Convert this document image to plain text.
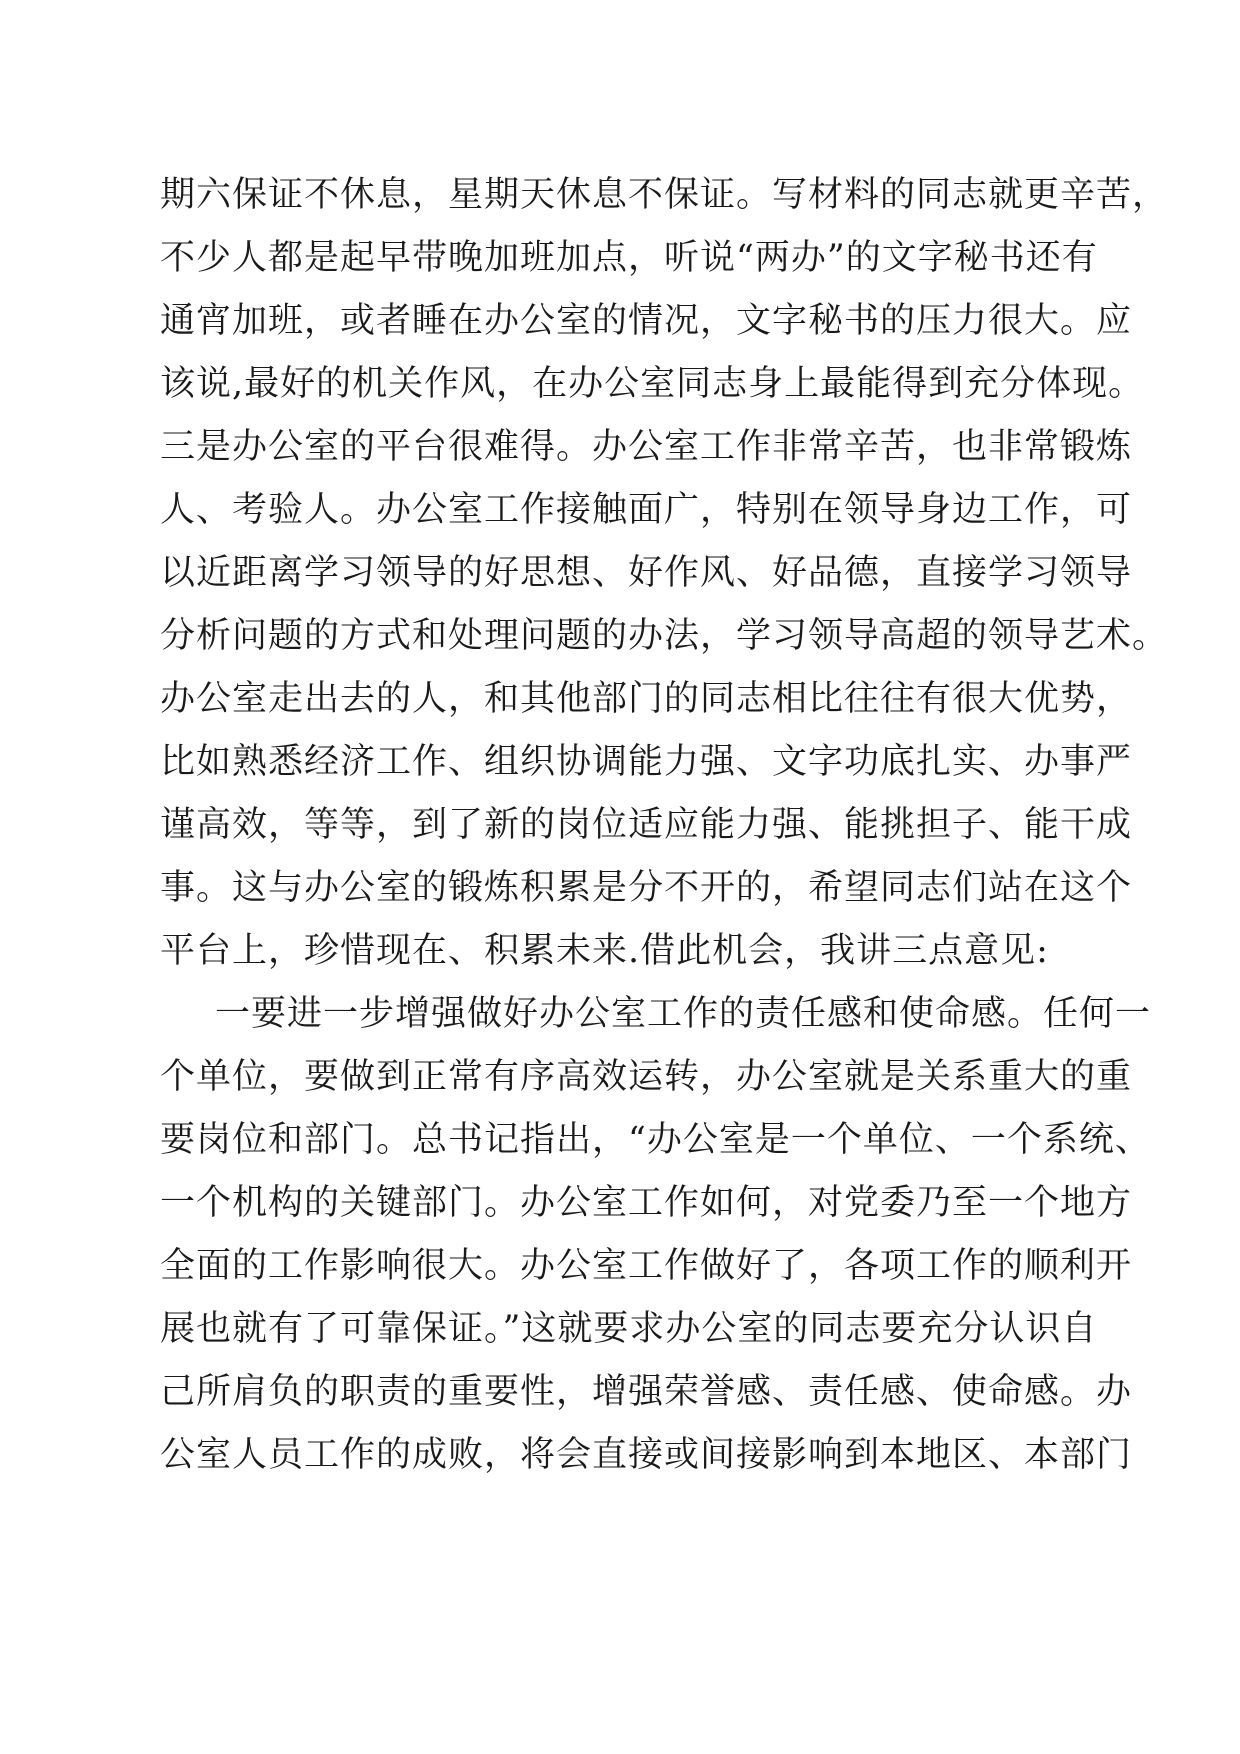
期六保证不休息，星期天休息不保证。写材料的同志就更辛苦，
不少人都是起早带晚加班加点，听说“两办”的文字秘书还有
通宵加班，或者睡在办公室的情况，文字秘书的压力很大。应
该说,最好的机关作风，在办公室同志身上最能得到充分体现。
三是办公室的平台很难得。办公室工作非常辛苦，也非常锻炼
人、考验人。办公室工作接触面广，特别在领导身边工作，可
以近距离学习领导的好思想、好作风、好品德，直接学习领导
分析问题的方式和处理问题的办法，学习领导高超的领导艺术。
办公室走出去的人，和其他部门的同志相比往往有很大优势，
比如熟悉经济工作、组织协调能力强、文字功底扎实、办事严
谨高效，等等，到了新的岗位适应能力强、能挑担子、能干成
事。这与办公室的锻炼积累是分不开的，希望同志们站在这个
平台上，珍惜现在、积累未来.借此机会，我讲三点意见:
一要进一步增强做好办公室工作的责任感和使命感。任何一
个单位，要做到正常有序高效运转，办公室就是关系重大的重
要岗位和部门。总书记指出，“办公室是一个单位、一个系统、
一个机构的关键部门。办公室工作如何，对党委乃至一个地方
全面的工作影响很大。办公室工作做好了，各项工作的顺利开
展也就有了可靠保证。”这就要求办公室的同志要充分认识自
己所肩负的职责的重要性，增强荣誉感、责任感、使命感。办
公室人员工作的成败，将会直接或间接影响到本地区、本部门
